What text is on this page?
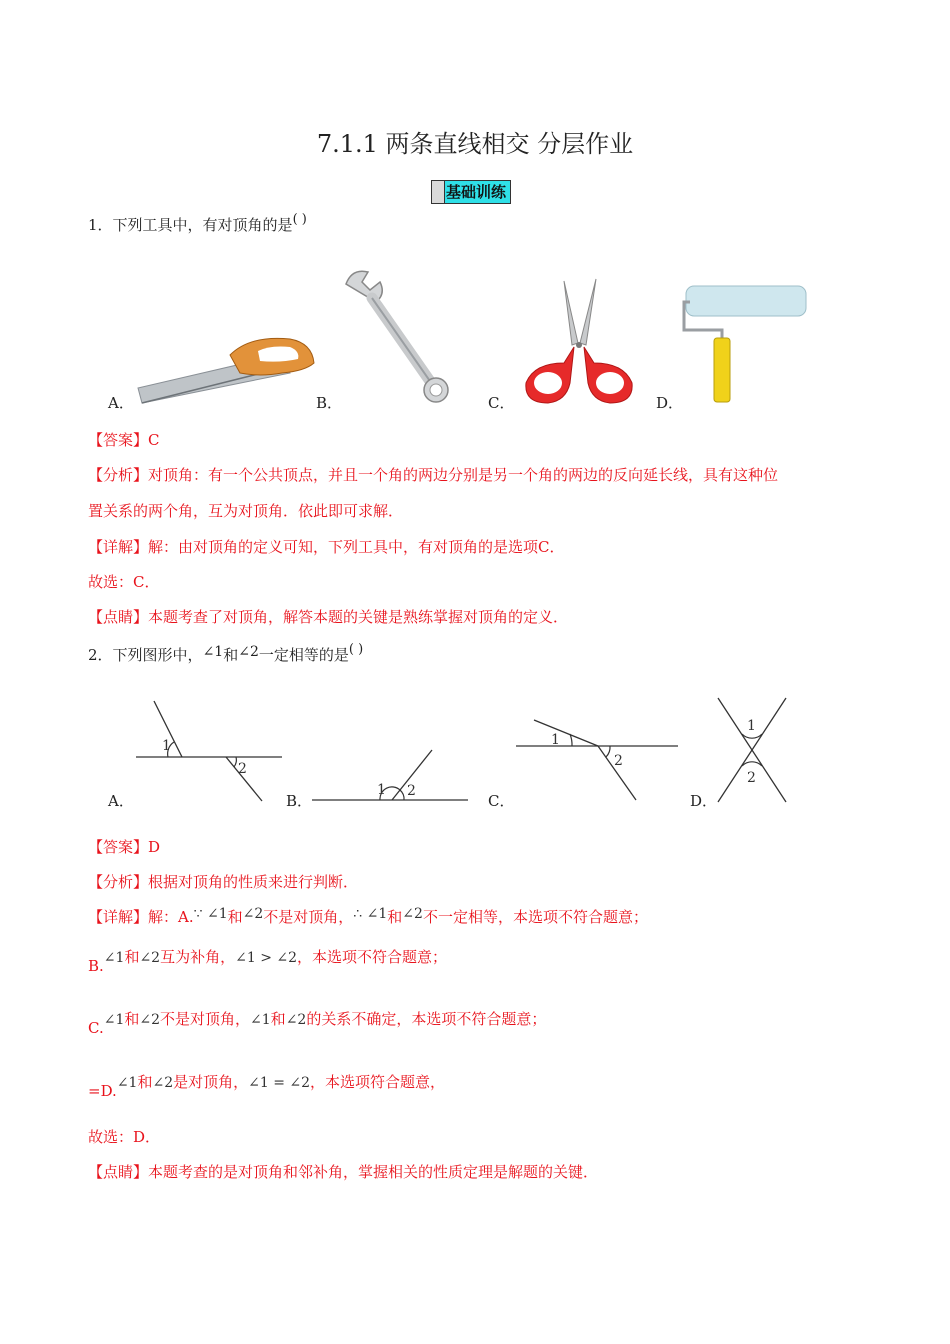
7.1.1 两条直线相交 分层作业
基础训练
1．下列工具中，有对顶角的是( )
A．	B．	C．	D．
【答案】C
【分析】对顶角：有一个公共顶点，并且一个角的两边分别是另一个角的两边的反向延长线，具有这种位
置关系的两个角，互为对顶角．依此即可求解．
【详解】解：由对顶角的定义可知，下列工具中，有对顶角的是选项C．
故选：C．
【点睛】本题考查了对顶角，解答本题的关键是熟练掌握对顶角的定义．
2．下列图形中，∠1和∠2一定相等的是( )
1
2
1 2
1
2
1
2
A．	B．	C．	D．
【答案】D
【分析】根据对顶角的性质来进行判断．
【详解】解：A.∵ ∠1和∠2不是对顶角，∴ ∠1和∠2不一定相等，本选项不符合题意；
B.∠1和∠2互为补角，∠1 > ∠2，本选项不符合题意；
C.∠1和∠2不是对顶角，∠1和∠2的关系不确定，本选项不符合题意；
=D.∠1和∠2是对顶角，∠1 = ∠2，本选项符合题意，
故选：D．
【点睛】本题考查的是对顶角和邻补角，掌握相关的性质定理是解题的关键．
